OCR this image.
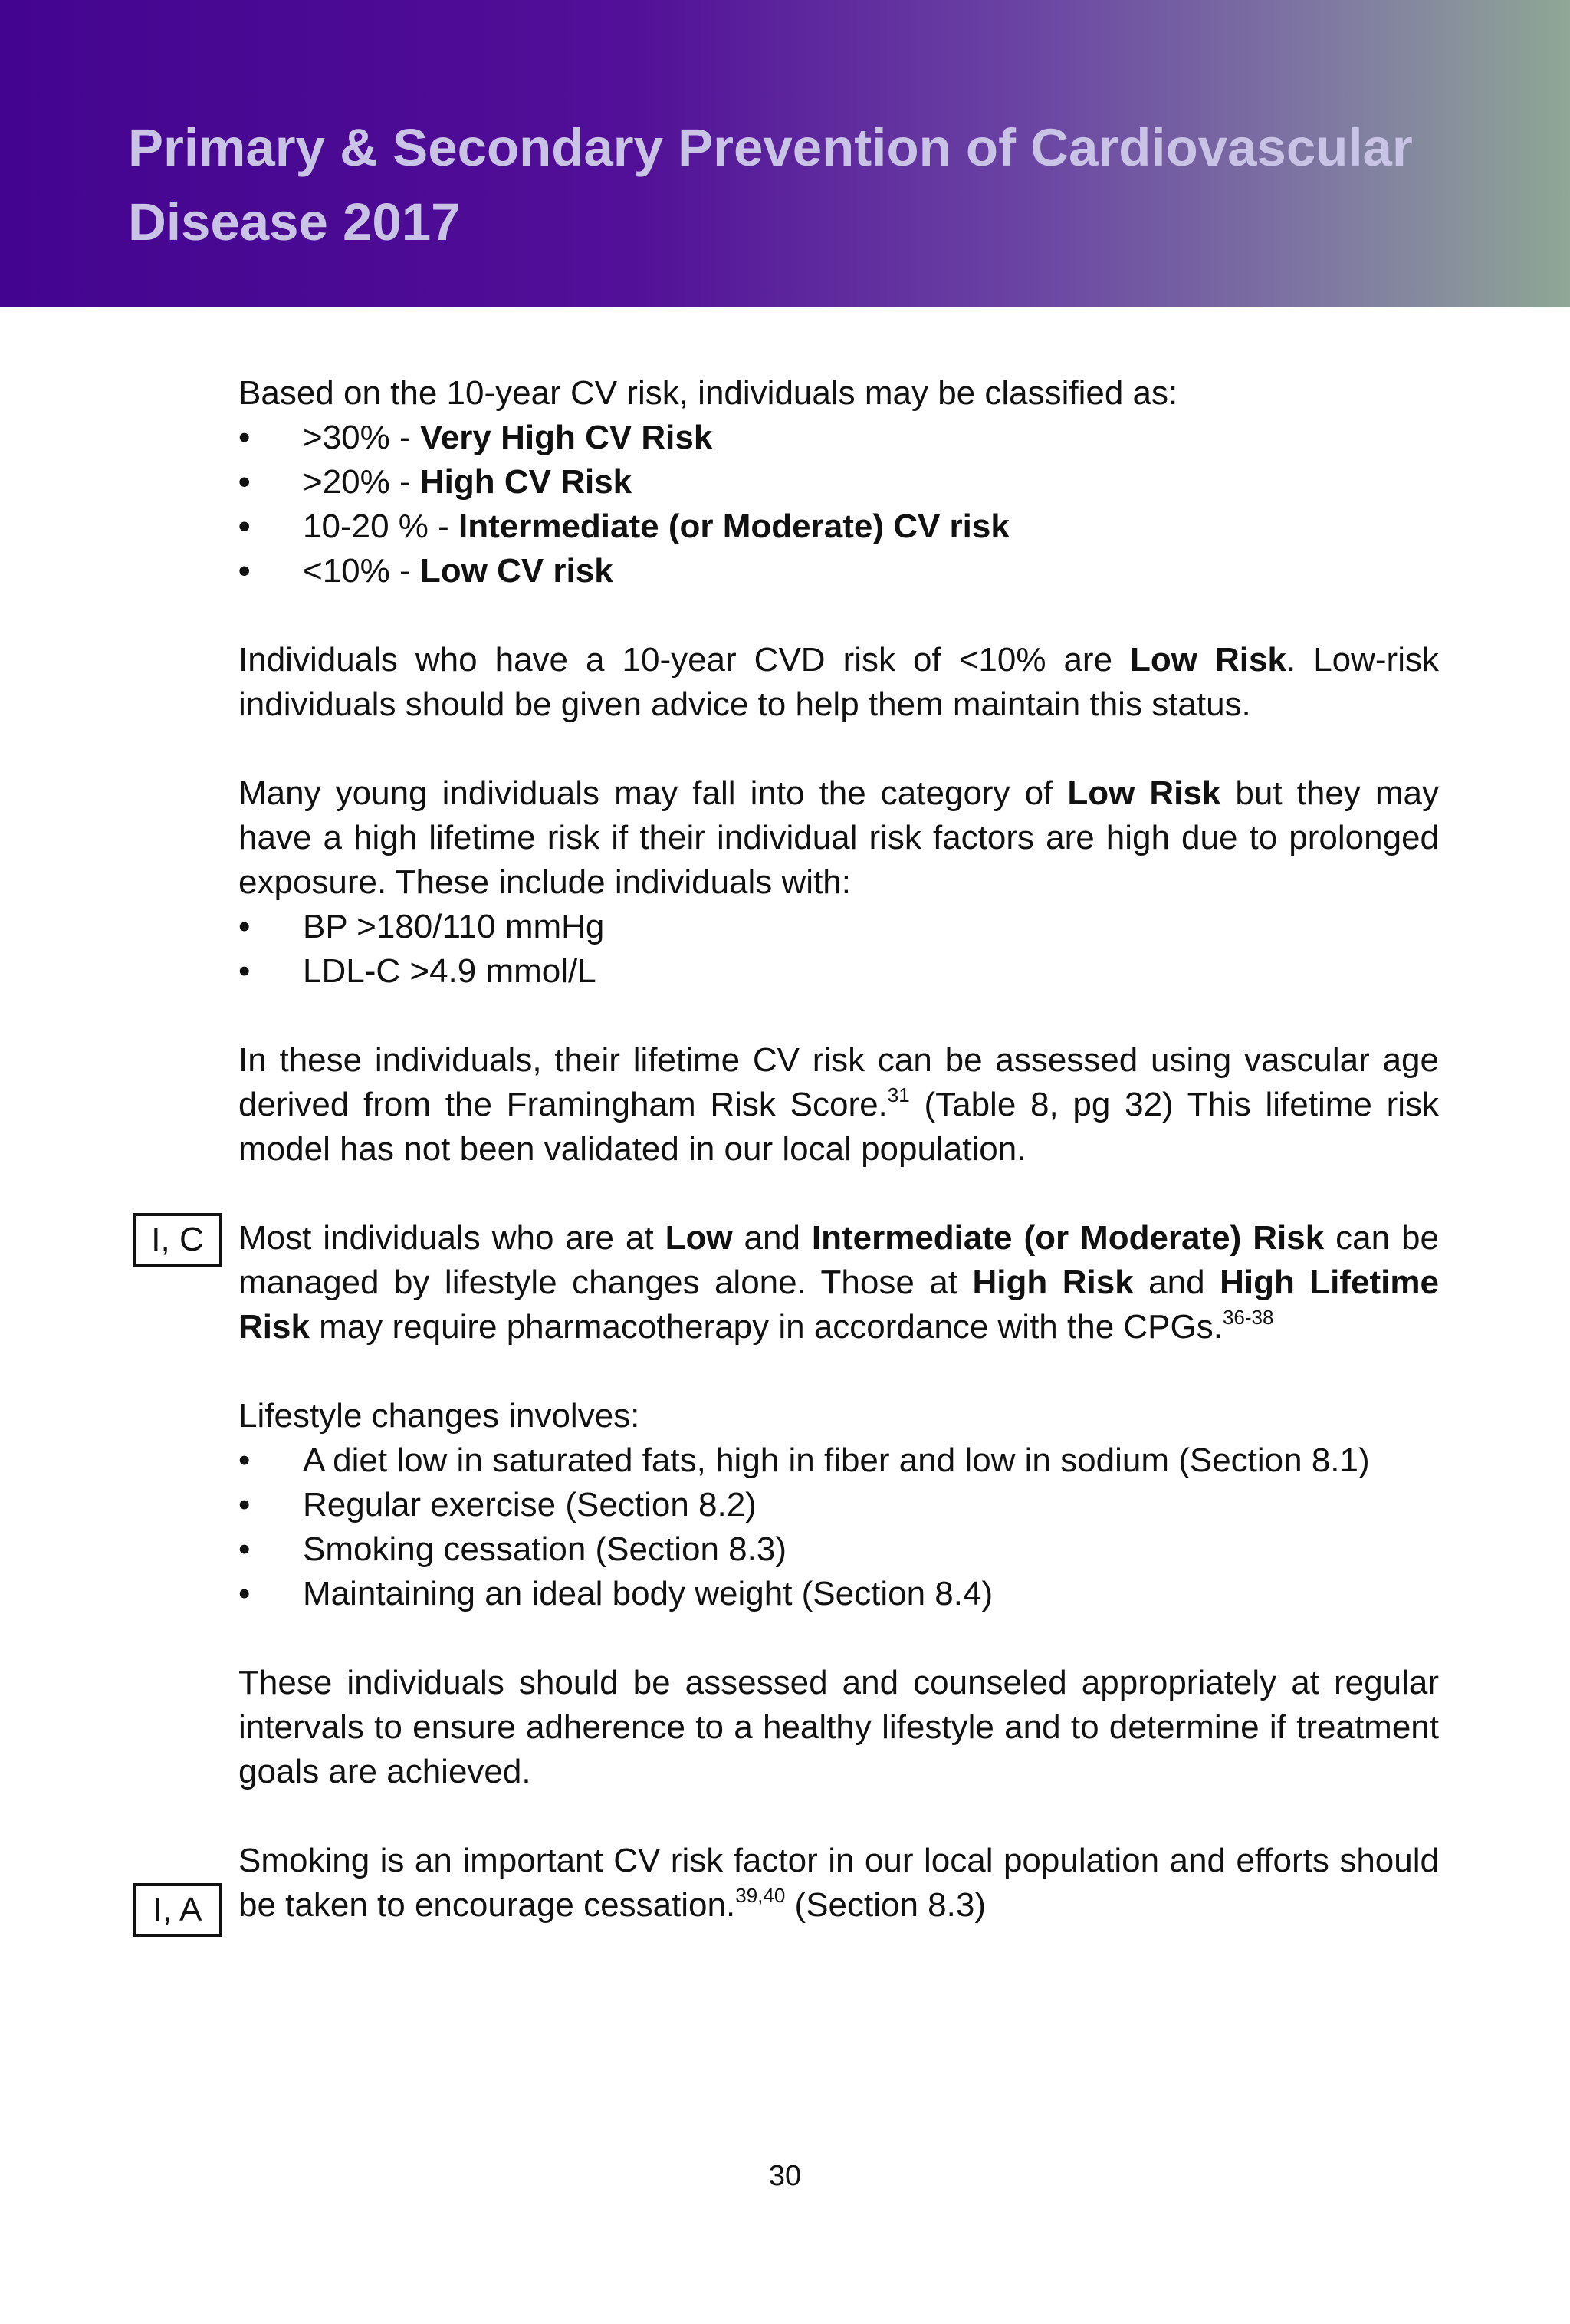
Primary & Secondary Prevention of Cardiovascular
Disease 2017
I, C
I, A

Based on the 10-year CV risk, individuals may be classified as:

• >30% - Very High CV Risk
• >20% - High CV Risk
• 10-20 % - Intermediate (or Moderate) CV risk
• <10% - Low CV risk

Individuals who have a 10-year CVD risk of <10% are Low Risk. Low-risk individuals should be given advice to help them maintain this status.

Many young individuals may fall into the category of Low Risk but they may have a high lifetime risk if their individual risk factors are high due to prolonged exposure. These include individuals with:

• BP >180/110 mmHg
• LDL-C >4.9 mmol/L

In these individuals, their lifetime CV risk can be assessed using vascular age derived from the Framingham Risk Score.$^{31}$ (Table 8, pg 32) This lifetime risk model has not been validated in our local population.

Most individuals who are at Low and Intermediate (or Moderate) Risk can be managed by lifestyle changes alone. Those at High Risk and High Lifetime Risk may require pharmacotherapy in accordance with the CPGs.$^{36-38}$

Lifestyle changes involves:

• A diet low in saturated fats, high in fiber and low in sodium (Section 8.1)
• Regular exercise (Section 8.2)
• Smoking cessation (Section 8.3)
• Maintaining an ideal body weight (Section 8.4)

These individuals should be assessed and counseled appropriately at regular intervals to ensure adherence to a healthy lifestyle and to determine if treatment goals are achieved.

Smoking is an important CV risk factor in our local population and efforts should be taken to encourage cessation.$^{39,40}$ (Section 8.3)

30
